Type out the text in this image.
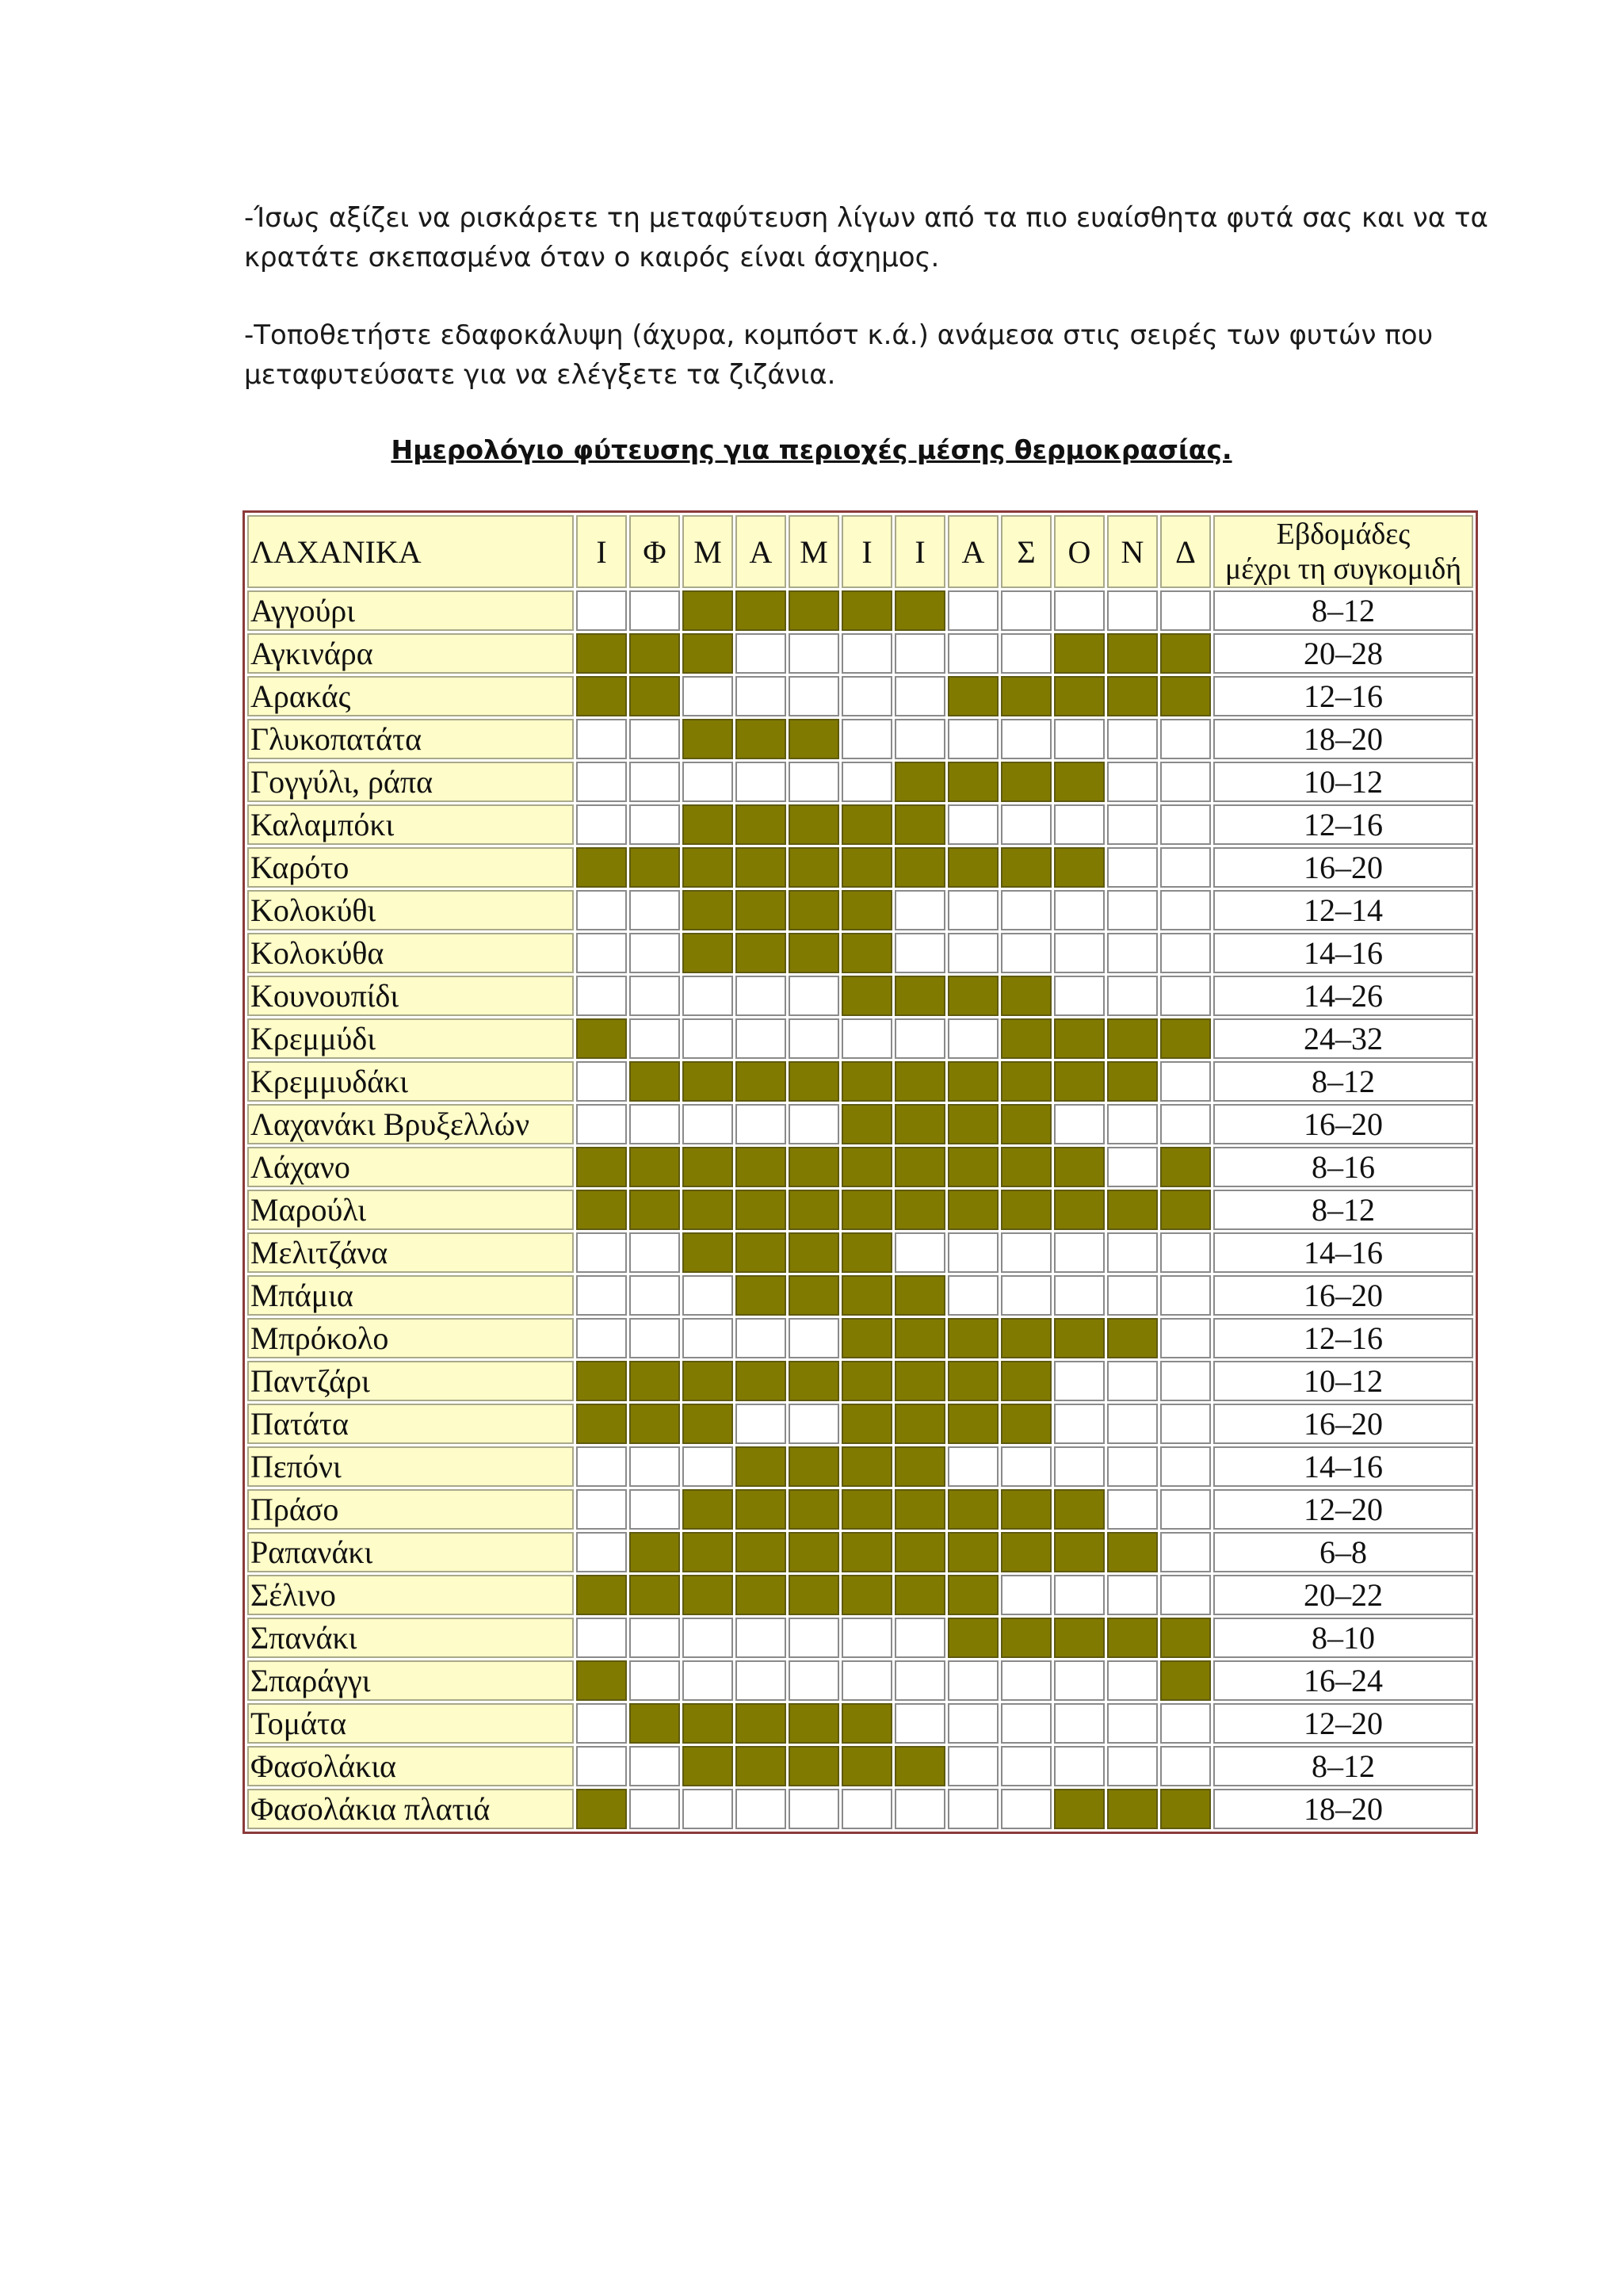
-Ίσως αξίζει να ρισκάρετε τη μεταφύτευση λίγων από τα πιο ευαίσθητα φυτά σας και να τα κρατάτε σκεπασμένα όταν ο καιρός είναι άσχημος.
-Τοποθετήστε εδαφοκάλυψη (άχυρα, κομπόστ κ.ά.) ανάμεσα στις σειρές των φυτών που μεταφυτεύσατε για να ελέγξετε τα ζιζάνια.
Ημερολόγιο φύτευσης για περιοχές μέσης θερμοκρασίας.
ΛΑΧΑΝΙΚΑ	Ι	Φ	Μ	Α	Μ	Ι	Ι	Α	Σ	Ο	Ν	Δ	Εβδομάδες
μέχρι τη συγκομιδή

Αγγούρι													8–12
Αγκινάρα													20–28
Αρακάς													12–16
Γλυκοπατάτα													18–20
Γογγύλι, ράπα													10–12
Καλαμπόκι													12–16
Καρότο													16–20
Κολοκύθι													12–14
Κολοκύθα													14–16
Κουνουπίδι													14–26
Κρεμμύδι													24–32
Κρεμμυδάκι													8–12
Λαχανάκι Βρυξελλών													16–20
Λάχανο													8–16
Μαρούλι													8–12
Μελιτζάνα													14–16
Μπάμια													16–20
Μπρόκολο													12–16
Παντζάρι													10–12
Πατάτα													16–20
Πεπόνι													14–16
Πράσο													12–20
Ραπανάκι													6–8
Σέλινο													20–22
Σπανάκι													8–10
Σπαράγγι													16–24
Τομάτα													12–20
Φασολάκια													8–12
Φασολάκια πλατιά													18–20
